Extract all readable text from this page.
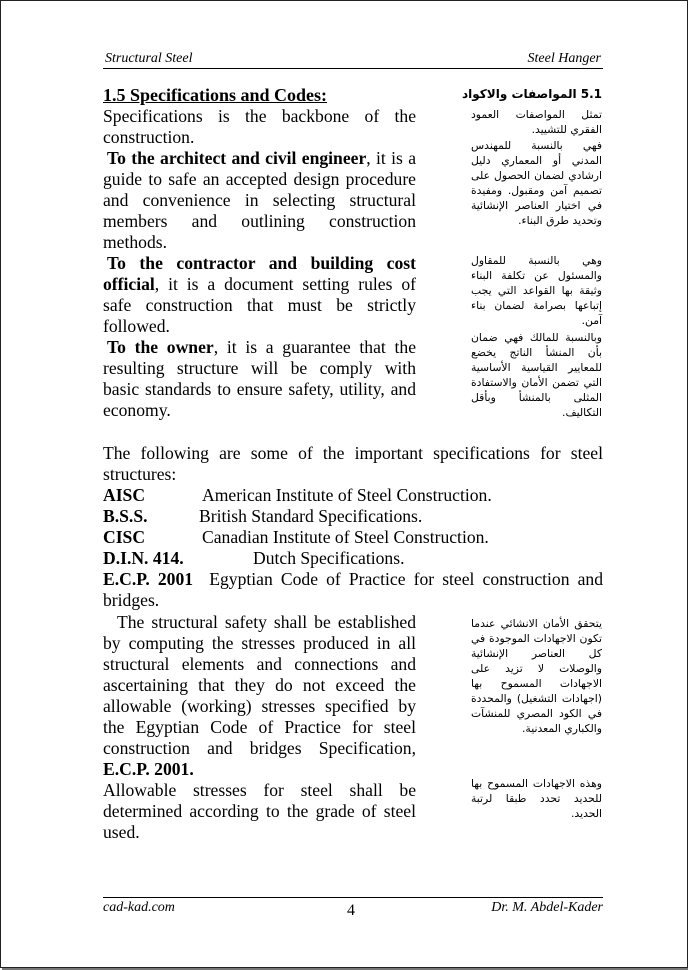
Structural Steel	Steel Hanger
1.5 Specifications and Codes:	5.1 المواصفات والاكواد
Specifications is the backbone of the construction.
To the architect and civil engineer, it is a guide to safe an accepted design procedure and convenience in selecting structural members and outlining construction methods.
To the contractor and building cost official, it is a document setting rules of safe construction that must be strictly followed.
To the owner, it is a guarantee that the resulting structure will be comply with basic standards to ensure safety, utility, and economy.
تمثل المواصفات العمود الفقري للتشييد.
فهي بالنسبة للمهندس المدني أو المعماري دليل ارشادي لضمان الحصول على تصميم آمن ومقبول. ومفيدة في اختيار العناصر الإنشائية وتحديد طرق البناء.
وهي بالنسبة للمقاول والمسئول عن تكلفة البناء وثيقة بها القواعد التي يجب إتباعها بصرامة لضمان بناء آمن.
وبالنسبة للمالك فهي ضمان بأن المنشأ الناتج يخضع للمعايير القياسية الأساسية التي تضمن الأمان والاستفادة المثلى بالمنشأ وبأقل التكاليف.
The following are some of the important specifications for steel structures:
AISC	American Institute of Steel Construction.
B.S.S.	British Standard Specifications.
CISC	Canadian Institute of Steel Construction.
D.I.N. 414.	Dutch Specifications.
E.C.P. 2001 Egyptian Code of Practice for steel construction and bridges.
The structural safety shall be established by computing the stresses produced in all structural elements and connections and ascertaining that they do not exceed the allowable (working) stresses specified by the Egyptian Code of Practice for steel construction and bridges Specification, E.C.P. 2001.
Allowable stresses for steel shall be determined according to the grade of steel used.
يتحقق الأمان الانشائي عندما تكون الاجهادات الموجودة في كل العناصر الإنشائية والوصلات لا تزيد على الاجهادات المسموح بها (اجهادات التشغيل) والمحددة في الكود المصري للمنشآت والكباري المعدنية.
وهذه الاجهادات المسموح بها للحديد تحدد طبقا لرتبة الحديد.
cad-kad.com	4	Dr. M. Abdel-Kader
